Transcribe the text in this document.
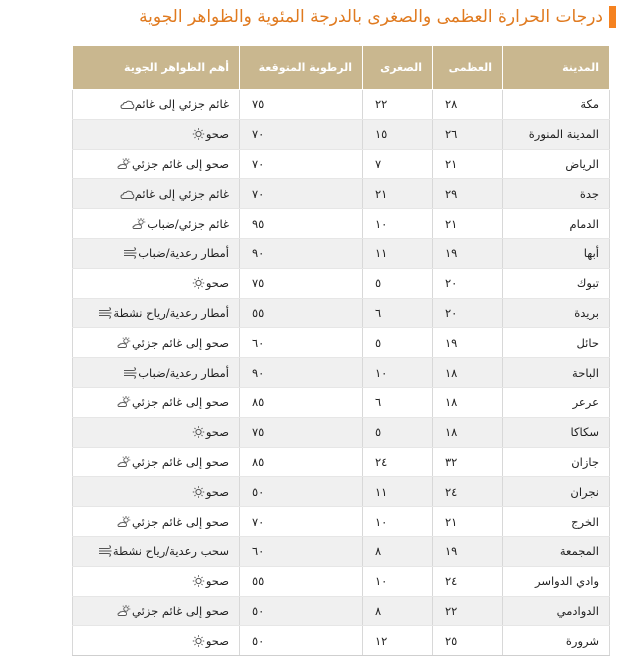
درجات الحرارة العظمى والصغرى بالدرجة المئوية والظواهر الجوية
المدينة	العظمى	الصغرى	الرطوبة المتوقعة	أهم الظواهر الجوية
مكة	٢٨	٢٢	٧٥	غائم جزئي إلى غائم

المدينة المنورة	٢٦	١٥	٧٠	صحو

الرياض	٢١	٧	٧٠	صحو إلى غائم جزئي

جدة	٢٩	٢١	٧٠	غائم جزئي إلى غائم

الدمام	٢١	١٠	٩٥	غائم جزئي/ضباب

أبها	١٩	١١	٩٠	أمطار رعدية/ضباب

تبوك	٢٠	٥	٧٥	صحو

بريدة	٢٠	٦	٥٥	أمطار رعدية/رياح نشطة

حائل	١٩	٥	٦٠	صحو إلى غائم جزئي

الباحة	١٨	١٠	٩٠	أمطار رعدية/ضباب

عرعر	١٨	٦	٨٥	صحو إلى غائم جزئي

سكاكا	١٨	٥	٧٥	صحو

جازان	٣٢	٢٤	٨٥	صحو إلى غائم جزئي

نجران	٢٤	١١	٥٠	صحو

الخرج	٢١	١٠	٧٠	صحو إلى غائم جزئي

المجمعة	١٩	٨	٦٠	سحب رعدية/رياح نشطة

وادي الدواسر	٢٤	١٠	٥٥	صحو

الدوادمي	٢٢	٨	٥٠	صحو إلى غائم جزئي

شرورة	٢٥	١٢	٥٠	صحو
